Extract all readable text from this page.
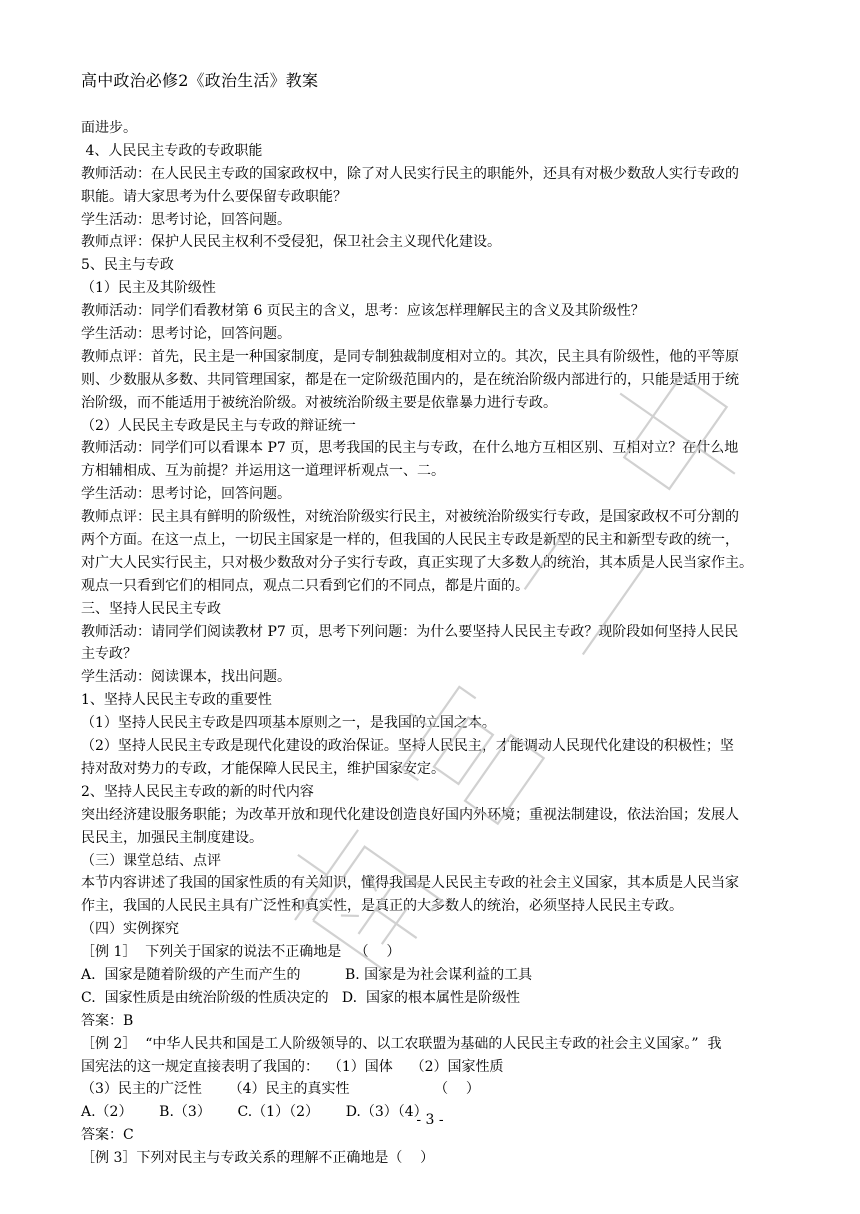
高中政治必修2《政治生活》教案
面进步。
4、人民民主专政的专政职能
教师活动：在人民民主专政的国家政权中，除了对人民实行民主的职能外，还具有对极少数敌人实行专政的
职能。请大家思考为什么要保留专政职能？
学生活动：思考讨论，回答问题。
教师点评：保护人民民主权利不受侵犯，保卫社会主义现代化建设。
5、民主与专政
（1）民主及其阶级性
教师活动：同学们看教材第 6 页民主的含义，思考：应该怎样理解民主的含义及其阶级性？
学生活动：思考讨论，回答问题。
教师点评：首先，民主是一种国家制度，是同专制独裁制度相对立的。其次，民主具有阶级性，他的平等原
则、少数服从多数、共同管理国家，都是在一定阶级范围内的，是在统治阶级内部进行的，只能是适用于统
治阶级，而不能适用于被统治阶级。对被统治阶级主要是依靠暴力进行专政。
（2）人民民主专政是民主与专政的辩证统一
教师活动：同学们可以看课本 P7 页，思考我国的民主与专政，在什么地方互相区别、互相对立？在什么地
方相辅相成、互为前提？并运用这一道理评析观点一、二。
学生活动：思考讨论，回答问题。
教师点评：民主具有鲜明的阶级性，对统治阶级实行民主，对被统治阶级实行专政，是国家政权不可分割的
两个方面。在这一点上，一切民主国家是一样的，但我国的人民民主专政是新型的民主和新型专政的统一，
对广大人民实行民主，只对极少数敌对分子实行专政，真正实现了大多数人的统治，其本质是人民当家作主。
观点一只看到它们的相同点，观点二只看到它们的不同点，都是片面的。
三、坚持人民民主专政
教师活动：请同学们阅读教材 P7 页，思考下列问题：为什么要坚持人民民主专政？现阶段如何坚持人民民
主专政？
学生活动：阅读课本，找出问题。
1、坚持人民民主专政的重要性
（1）坚持人民民主专政是四项基本原则之一，是我国的立国之本。
（2）坚持人民民主专政是现代化建设的政治保证。坚持人民民主，才能调动人民现代化建设的积极性；坚
持对敌对势力的专政，才能保障人民民主，维护国家安定。
2、坚持人民民主专政的新的时代内容
突出经济建设服务职能；为改革开放和现代化建设创造良好国内外环境；重视法制建设，依法治国；发展人
民民主，加强民主制度建设。
（三）课堂总结、点评
本节内容讲述了我国的国家性质的有关知识，懂得我国是人民民主专政的社会主义国家，其本质是人民当家
作主，我国的人民民主具有广泛性和真实性，是真正的大多数人的统治，必须坚持人民民主专政。
（四）实例探究
［例 1］  下列关于国家的说法不正确地是   （    ）
A.  国家是随着阶级的产生而产生的          B. 国家是为社会谋利益的工具
C.  国家性质是由统治阶级的性质决定的   D.  国家的根本属性是阶级性
答案：B
［例 2］  “中华人民共和国是工人阶级领导的、以工农联盟为基础的人民民主专政的社会主义国家。”  我
国宪法的这一规定直接表明了我国的：  （1）国体    （2）国家性质
（3）民主的广泛性      （4）民主的真实性                   （    ）
A.（2）      B.（3）      C.（1）（2）      D.（3）（4）
答案：C
［例 3］下列对民主与专政关系的理解不正确地是（    ）
- 3 -
